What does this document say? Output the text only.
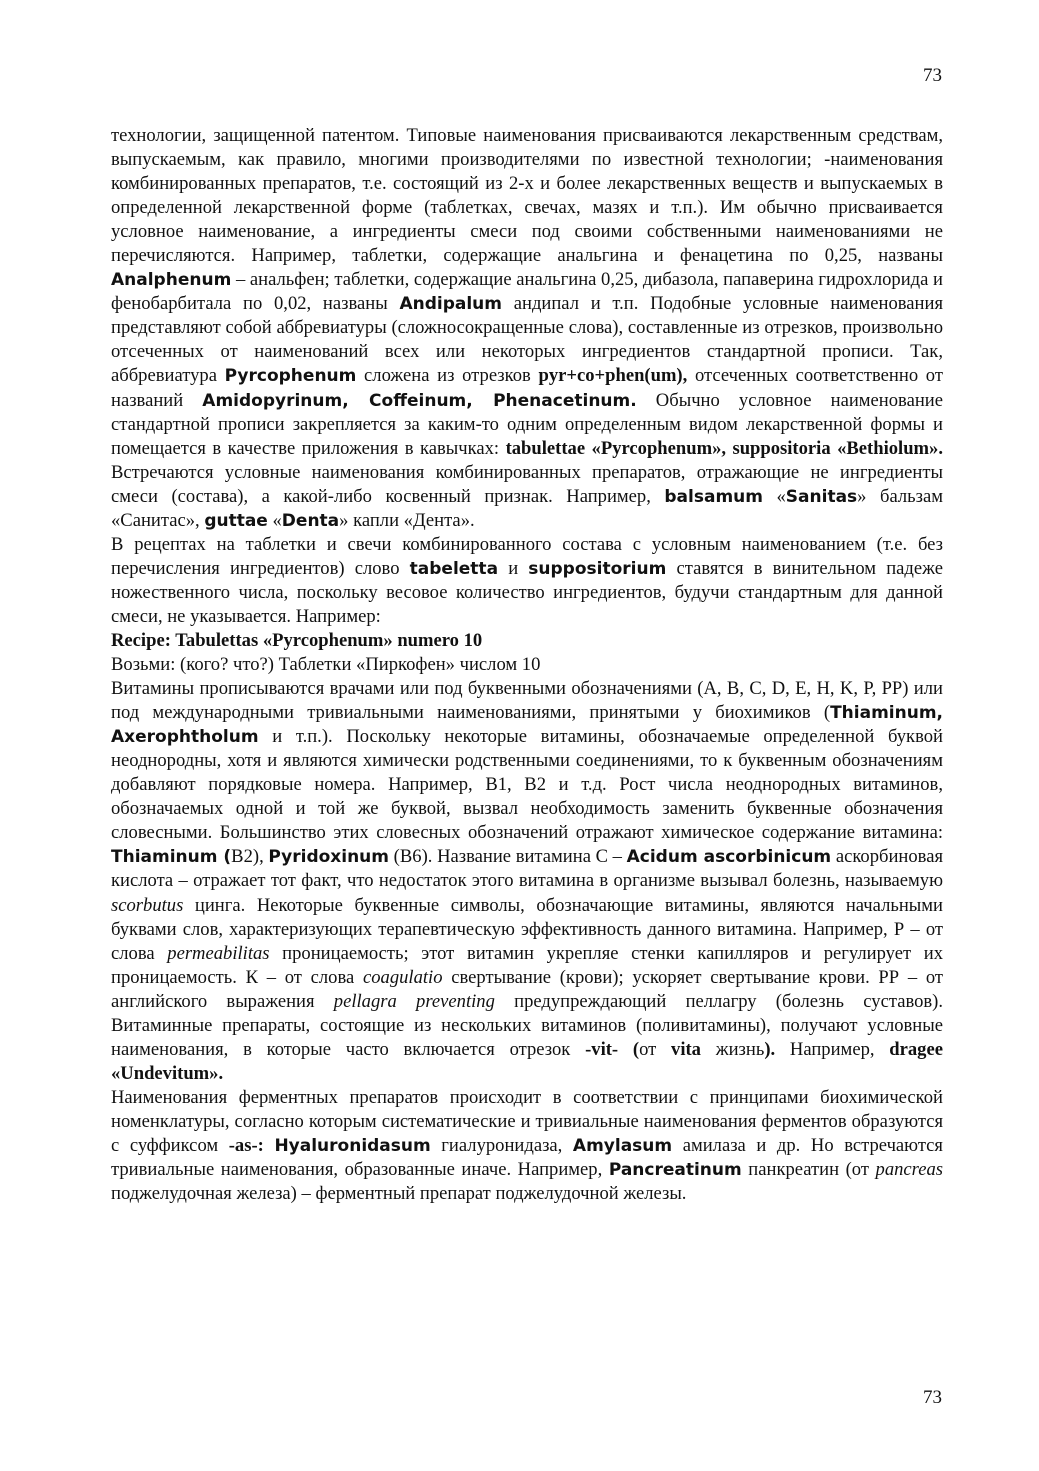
73

технологии, защищенной патентом. Типовые наименования присваиваются лекарственным средствам, выпускаемым, как правило, многими производителями по известной технологии; -наименования комбинированных препаратов, т.е. состоящий из 2-х и более лекарственных веществ и выпускаемых в определенной лекарственной форме (таблетках, свечах, мазях и т.п.). Им обычно присваивается условное наименование, а ингредиенты смеси под своими собственными наименованиями не перечисляются. Например, таблетки, содержащие анальгина и фенацетина по 0,25, названы Analphenum – анальфен; таблетки, содержащие анальгина 0,25, дибазола, папаверина гидрохлорида и фенобарбитала по 0,02, названы Andipalum андипал и т.п. Подобные условные наименования представляют собой аббревиатуры (сложносокращенные слова), составленные из отрезков, произвольно отсеченных от наименований всех или некоторых ингредиентов стандартной прописи. Так, аббревиатура Pyrcophenum сложена из отрезков pyr+co+phen(um), отсеченных соответственно от названий Amidopyrinum, Coffeinum, Phenacetinum. Обычно условное наименование стандартной прописи закрепляется за каким-то одним определенным видом лекарственной формы и помещается в качестве приложения в кавычках: tabulettae «Pyrcophenum», suppositoria «Bethiolum». Встречаются условные наименования комбинированных препаратов, отражающие не ингредиенты смеси (состава), а какой-либо косвенный признак. Например, balsamum «Sanitas» бальзам «Санитас», guttae «Denta» капли «Дента».

В рецептах на таблетки и свечи комбинированного состава с условным наименованием (т.е. без перечисления ингредиентов) слово tabeletta и suppositorium ставятся в винительном падеже ножественного числа, поскольку весовое количество ингредиентов, будучи стандартным для данной смеси, не указывается. Например:

Recipe: Tabulettas «Pyrcophenum» numero 10

Возьми: (кого? что?) Таблетки «Пиркофен» числом 10

Витамины прописываются врачами или под буквенными обозначениями (A, B, C, D, E, H, K, P, PP) или под международными тривиальными наименованиями, принятыми у биохимиков (Thiaminum, Axerophtholum и т.п.). Поскольку некоторые витамины, обозначаемые определенной буквой неоднородны, хотя и являются химически родственными соединениями, то к буквенным обозначениям добавляют порядковые номера. Например, В1, В2 и т.д. Рост числа неоднородных витаминов, обозначаемых одной и той же буквой, вызвал необходимость заменить буквенные обозначения словесными. Большинство этих словесных обозначений отражают химическое содержание витамина: Thiaminum (B2), Pyridoxinum (B6). Название витамина С – Acidum ascorbinicum аскорбиновая кислота – отражает тот факт, что недостаток этого витамина в организме вызывал болезнь, называемую scorbutus цинга. Некоторые буквенные символы, обозначающие витамины, являются начальными буквами слов, характеризующих терапевтическую эффективность данного витамина. Например, Р – от слова permeabilitas проницаемость; этот витамин укрепляе стенки капилляров и регулирует их проницаемость. К – от слова coagulatio свертывание (крови); ускоряет свертывание крови. РР – от английского выражения pellagra preventing предупреждающий пеллагру (болезнь суставов). Витаминные препараты, состоящие из нескольких витаминов (поливитамины), получают условные наименования, в которые часто включается отрезок -vit- (от vita жизнь). Например, dragee «Undevitum».

Наименования ферментных препаратов происходит в соответствии с принципами биохимической номенклатуры, согласно которым систематические и тривиальные наименования ферментов образуются с суффиксом -as-: Hyaluronidasum гиалуронидаза, Amylasum амилаза и др. Но встречаются тривиальные наименования, образованные иначе. Например, Pancreatinum панкреатин (от pancreas поджелудочная железа) – ферментный препарат поджелудочной железы.

73
